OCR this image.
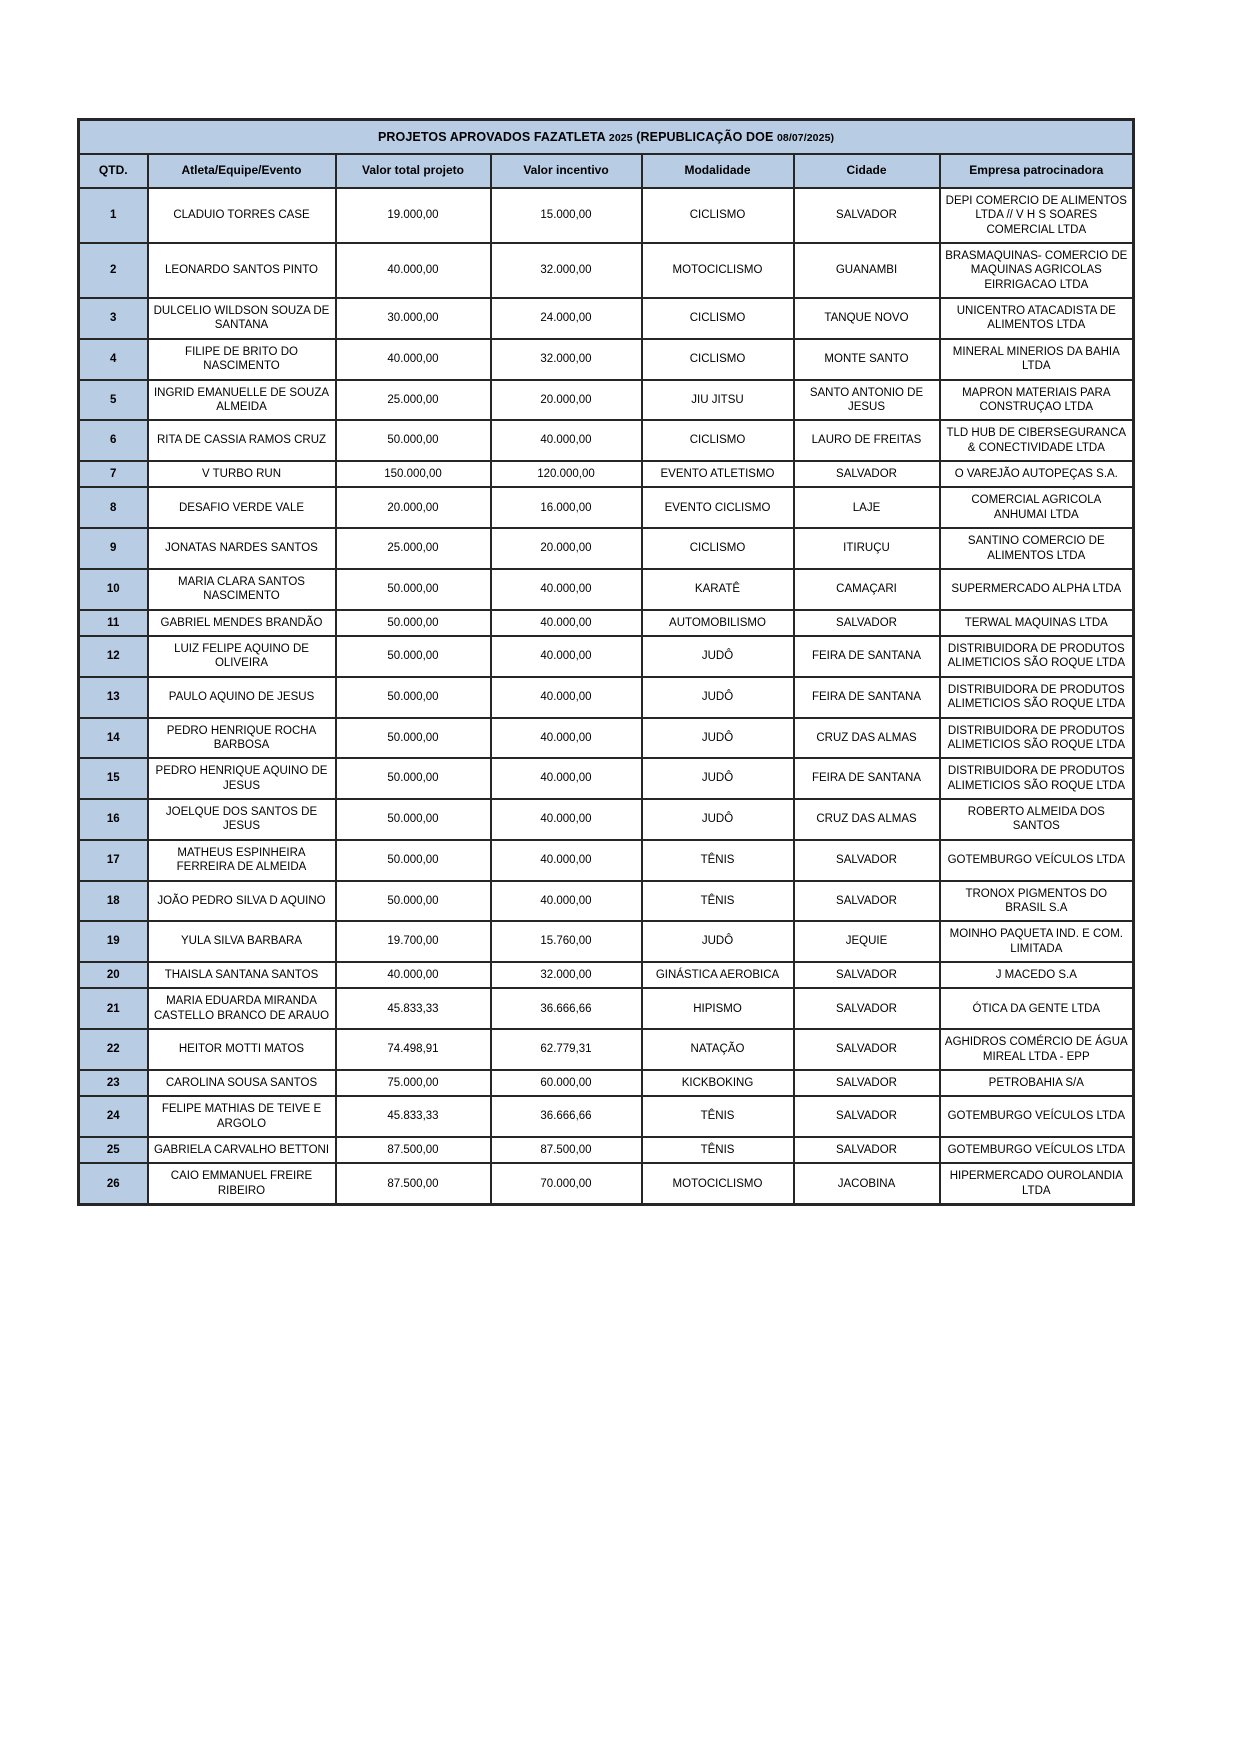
PROJETOS APROVADOS FAZATLETA 2025 (REPUBLICAÇÃO DOE 08/07/2025)						
QTD.	Atleta/Equipe/Evento	Valor total projeto	Valor incentivo	Modalidade	Cidade	Empresa patrocinadora
1	CLADUIO TORRES CASE	19.000,00	15.000,00	CICLISMO	SALVADOR	DEPI COMERCIO DE ALIMENTOS LTDA // V H S SOARES COMERCIAL LTDA
2	LEONARDO SANTOS PINTO	40.000,00	32.000,00	MOTOCICLISMO	GUANAMBI	BRASMAQUINAS- COMERCIO DE MAQUINAS AGRICOLAS EIRRIGACAO LTDA
3	DULCELIO WILDSON SOUZA DE SANTANA	30.000,00	24.000,00	CICLISMO	TANQUE NOVO	UNICENTRO ATACADISTA DE ALIMENTOS LTDA
4	FILIPE DE BRITO DO NASCIMENTO	40.000,00	32.000,00	CICLISMO	MONTE SANTO	MINERAL MINERIOS DA BAHIA LTDA
5	INGRID EMANUELLE DE SOUZA ALMEIDA	25.000,00	20.000,00	JIU JITSU	SANTO ANTONIO DE JESUS	MAPRON MATERIAIS PARA CONSTRUÇAO LTDA
6	RITA DE CASSIA RAMOS CRUZ	50.000,00	40.000,00	CICLISMO	LAURO DE FREITAS	TLD HUB DE CIBERSEGURANCA & CONECTIVIDADE LTDA
7	V TURBO RUN	150.000,00	120.000,00	EVENTO ATLETISMO	SALVADOR	O VAREJÃO AUTOPEÇAS S.A.
8	DESAFIO VERDE VALE	20.000,00	16.000,00	EVENTO CICLISMO	LAJE	COMERCIAL AGRICOLA ANHUMAI LTDA
9	JONATAS NARDES SANTOS	25.000,00	20.000,00	CICLISMO	ITIRUÇU	SANTINO COMERCIO DE ALIMENTOS LTDA
10	MARIA CLARA SANTOS NASCIMENTO	50.000,00	40.000,00	KARATÊ	CAMAÇARI	SUPERMERCADO ALPHA LTDA
11	GABRIEL MENDES BRANDÃO	50.000,00	40.000,00	AUTOMOBILISMO	SALVADOR	TERWAL MAQUINAS LTDA
12	LUIZ FELIPE AQUINO DE OLIVEIRA	50.000,00	40.000,00	JUDÔ	FEIRA DE SANTANA	DISTRIBUIDORA DE PRODUTOS ALIMETICIOS SÃO ROQUE LTDA
13	PAULO AQUINO DE JESUS	50.000,00	40.000,00	JUDÔ	FEIRA DE SANTANA	DISTRIBUIDORA DE PRODUTOS ALIMETICIOS SÃO ROQUE LTDA
14	PEDRO HENRIQUE ROCHA BARBOSA	50.000,00	40.000,00	JUDÔ	CRUZ DAS ALMAS	DISTRIBUIDORA DE PRODUTOS ALIMETICIOS SÃO ROQUE LTDA
15	PEDRO HENRIQUE AQUINO DE JESUS	50.000,00	40.000,00	JUDÔ	FEIRA DE SANTANA	DISTRIBUIDORA DE PRODUTOS ALIMETICIOS SÃO ROQUE LTDA
16	JOELQUE DOS SANTOS DE JESUS	50.000,00	40.000,00	JUDÔ	CRUZ DAS ALMAS	ROBERTO ALMEIDA DOS SANTOS
17	MATHEUS ESPINHEIRA FERREIRA DE ALMEIDA	50.000,00	40.000,00	TÊNIS	SALVADOR	GOTEMBURGO VEÍCULOS LTDA
18	JOÃO PEDRO SILVA D AQUINO	50.000,00	40.000,00	TÊNIS	SALVADOR	TRONOX PIGMENTOS DO BRASIL S.A
19	YULA SILVA BARBARA	19.700,00	15.760,00	JUDÔ	JEQUIE	MOINHO PAQUETA IND. E COM. LIMITADA
20	THAISLA SANTANA SANTOS	40.000,00	32.000,00	GINÁSTICA AEROBICA	SALVADOR	J MACEDO S.A
21	MARIA EDUARDA MIRANDA CASTELLO BRANCO DE ARAUO	45.833,33	36.666,66	HIPISMO	SALVADOR	ÓTICA DA GENTE LTDA
22	HEITOR MOTTI MATOS	74.498,91	62.779,31	NATAÇÃO	SALVADOR	AGHIDROS COMÉRCIO DE ÁGUA MIREAL LTDA - EPP
23	CAROLINA SOUSA SANTOS	75.000,00	60.000,00	KICKBOKING	SALVADOR	PETROBAHIA S/A
24	FELIPE MATHIAS DE TEIVE E ARGOLO	45.833,33	36.666,66	TÊNIS	SALVADOR	GOTEMBURGO VEÍCULOS LTDA
25	GABRIELA CARVALHO BETTONI	87.500,00	87.500,00	TÊNIS	SALVADOR	GOTEMBURGO VEÍCULOS LTDA
26	CAIO EMMANUEL FREIRE RIBEIRO	87.500,00	70.000,00	MOTOCICLISMO	JACOBINA	HIPERMERCADO OUROLANDIA LTDA
